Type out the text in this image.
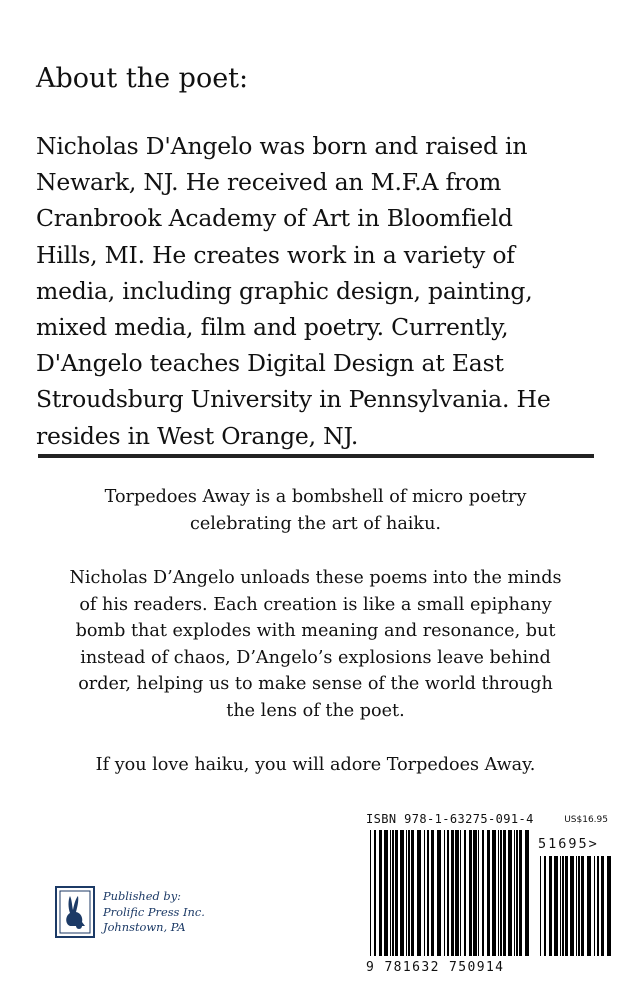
About the poet:
Nicholas D'Angelo was born and raised in
Newark, NJ. He received an M.F.A from
Cranbrook Academy of Art in Bloomfield
Hills, MI. He creates work in a variety of
media, including graphic design, painting,
mixed media, film and poetry. Currently,
D'Angelo teaches Digital Design at East
Stroudsburg University in Pennsylvania. He
resides in West Orange, NJ.
Torpedoes Away is a bombshell of micro poetry
celebrating the art of haiku.
Nicholas D’Angelo unloads these poems into the minds
of his readers. Each creation is like a small epiphany
bomb that explodes with meaning and resonance, but
instead of chaos, D’Angelo’s explosions leave behind
order, helping us to make sense of the world through
the lens of the poet.
If you love haiku, you will adore Torpedoes Away.
Published by:
Prolific Press Inc.
Johnstown, PA
ISBN 978-1-63275-091-4	US$16.95
51695>
9 781632 750914
